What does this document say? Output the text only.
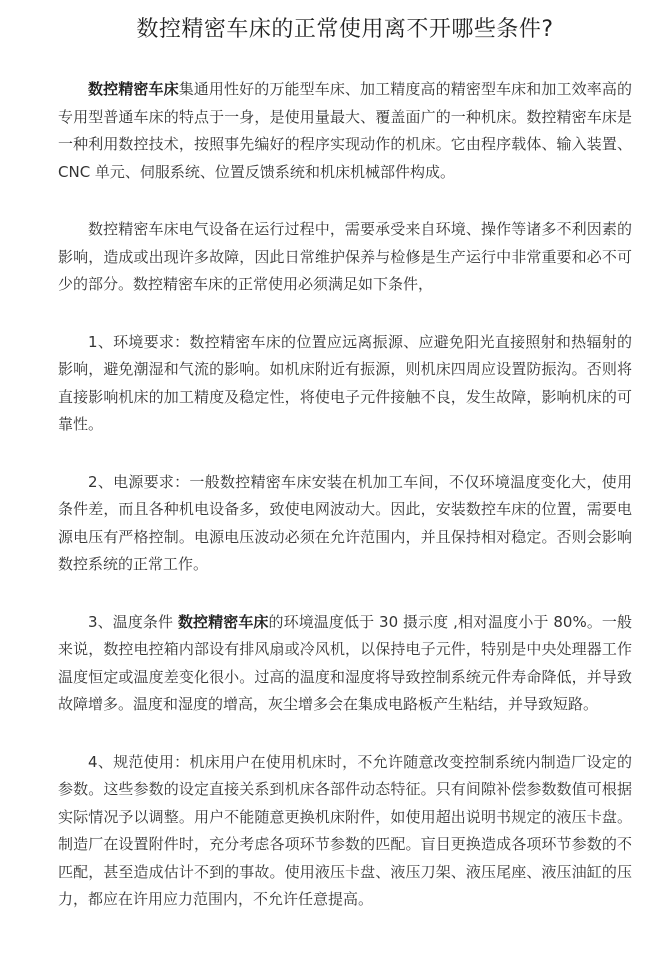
数控精密车床的正常使用离不开哪些条件?

数控精密车床集通用性好的万能型车床、加工精度高的精密型车床和加工效率高的专用型普通车床的特点于一身，是使用量最大、覆盖面广的一种机床。数控精密车床是一种利用数控技术，按照事先编好的程序实现动作的机床。它由程序载体、输入装置、CNC 单元、伺服系统、位置反馈系统和机床机械部件构成。

数控精密车床电气设备在运行过程中，需要承受来自环境、操作等诸多不利因素的影响，造成或出现许多故障，因此日常维护保养与检修是生产运行中非常重要和必不可少的部分。数控精密车床的正常使用必须满足如下条件，

1、环境要求：数控精密车床的位置应远离振源、应避免阳光直接照射和热辐射的影响，避免潮湿和气流的影响。如机床附近有振源，则机床四周应设置防振沟。否则将直接影响机床的加工精度及稳定性，将使电子元件接触不良，发生故障，影响机床的可靠性。

2、电源要求：一般数控精密车床安装在机加工车间，不仅环境温度变化大，使用条件差，而且各种机电设备多，致使电网波动大。因此，安装数控车床的位置，需要电源电压有严格控制。电源电压波动必须在允许范围内，并且保持相对稳定。否则会影响数控系统的正常工作。

3、温度条件 数控精密车床的环境温度低于 30 摄示度 ,相对温度小于 80%。一般来说，数控电控箱内部设有排风扇或冷风机，以保持电子元件，特别是中央处理器工作温度恒定或温度差变化很小。过高的温度和湿度将导致控制系统元件寿命降低，并导致故障增多。温度和湿度的增高，灰尘增多会在集成电路板产生粘结，并导致短路。

4、规范使用：机床用户在使用机床时，不允许随意改变控制系统内制造厂设定的参数。这些参数的设定直接关系到机床各部件动态特征。只有间隙补偿参数数值可根据实际情况予以调整。用户不能随意更换机床附件，如使用超出说明书规定的液压卡盘。制造厂在设置附件时，充分考虑各项环节参数的匹配。盲目更换造成各项环节参数的不匹配，甚至造成估计不到的事故。使用液压卡盘、液压刀架、液压尾座、液压油缸的压力，都应在许用应力范围内，不允许任意提高。
